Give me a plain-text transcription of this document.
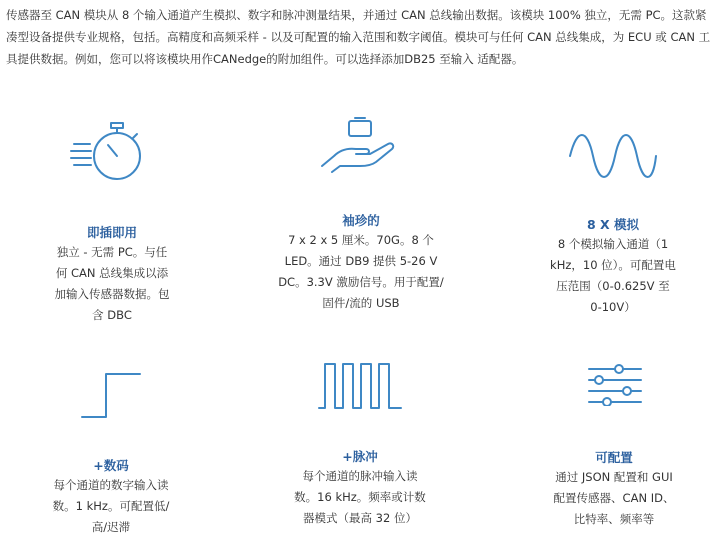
传感器至 CAN 模块从 8 个输入通道产生模拟、数字和脉冲测量结果，并通过 CAN 总线输出数据。该模块 100% 独立，无需 PC。这款紧凑型设备提供专业规格，包括。高精度和高频采样 - 以及可配置的输入范围和数字阈值。模块可与任何 CAN 总线集成，为 ECU 或 CAN 工具提供数据。例如，您可以将该模块用作CANedge的附加组件。可以选择添加DB25 至输入 适配器。

即插即用

独立 - 无需 PC。与任何 CAN 总线集成以添加输入传感器数据。包含 DBC

袖珍的

7 x 2 x 5 厘米。70G。8 个 LED。通过 DB9 提供 5-26 V DC。3.3V 激励信号。用于配置/固件/流的 USB

8 X 模拟

8 个模拟输入通道（1 kHz，10 位）。可配置电压范围（0-0.625V 至 0-10V）

+数码

每个通道的数字输入读数。1 kHz。可配置低/高/迟滞

+脉冲

每个通道的脉冲输入读数。16 kHz。频率或计数器模式（最高 32 位）

可配置

通过 JSON 配置和 GUI配置传感器、CAN ID、比特率、频率等
